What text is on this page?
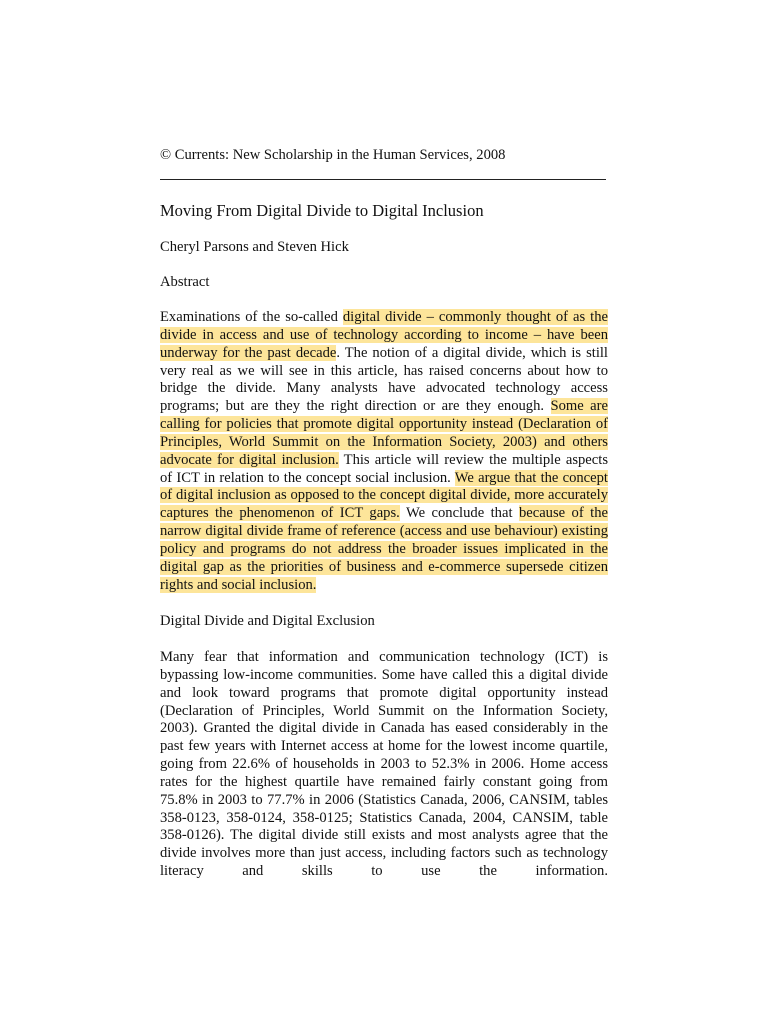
© Currents: New Scholarship in the Human Services, 2008
Moving From Digital Divide to Digital Inclusion
Cheryl Parsons and Steven Hick
Abstract
Examinations of the so-called digital divide – commonly thought of as the divide in access and use of technology according to income – have been underway for the past decade. The notion of a digital divide, which is still very real as we will see in this article, has raised concerns about how to bridge the divide. Many analysts have advocated technology access programs; but are they the right direction or are they enough. Some are calling for policies that promote digital opportunity instead (Declaration of Principles, World Summit on the Information Society, 2003) and others advocate for digital inclusion. This article will review the multiple aspects of ICT in relation to the concept social inclusion. We argue that the concept of digital inclusion as opposed to the concept digital divide, more accurately captures the phenomenon of ICT gaps. We conclude that because of the narrow digital divide frame of reference (access and use behaviour) existing policy and programs do not address the broader issues implicated in the digital gap as the priorities of business and e-commerce supersede citizen rights and social inclusion.
Digital Divide and Digital Exclusion
Many fear that information and communication technology (ICT) is bypassing low-income communities. Some have called this a digital divide and look toward programs that promote digital opportunity instead (Declaration of Principles, World Summit on the Information Society, 2003). Granted the digital divide in Canada has eased considerably in the past few years with Internet access at home for the lowest income quartile, going from 22.6% of households in 2003 to 52.3% in 2006. Home access rates for the highest quartile have remained fairly constant going from 75.8% in 2003 to 77.7% in 2006 (Statistics Canada, 2006, CANSIM, tables 358-0123, 358-0124, 358-0125; Statistics Canada, 2004, CANSIM, table 358-0126). The digital divide still exists and most analysts agree that the divide involves more than just access, including factors such as technology literacy and skills to use the information.
